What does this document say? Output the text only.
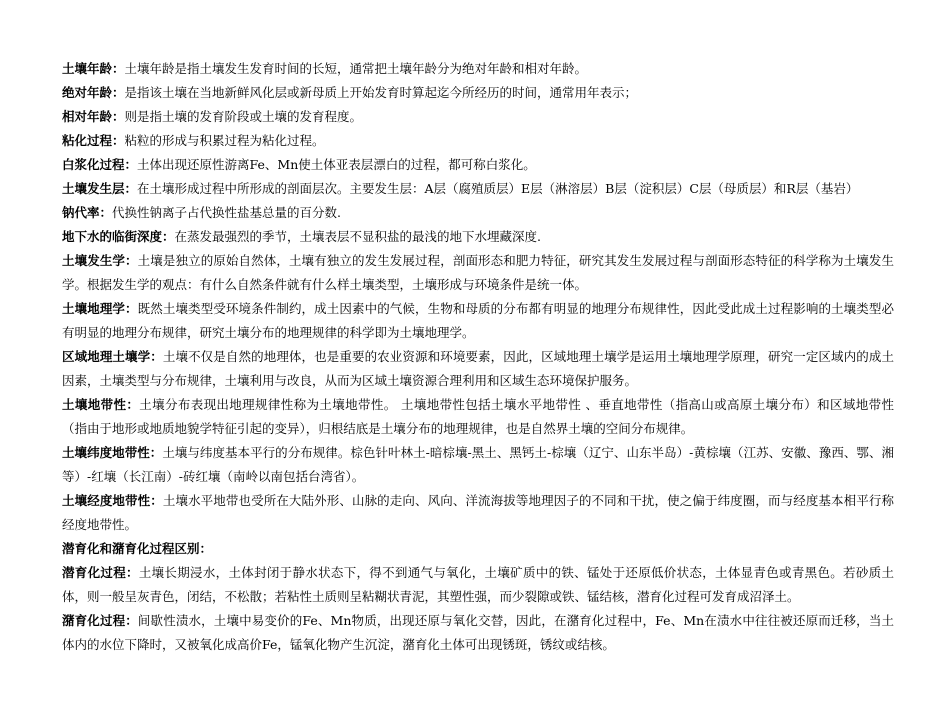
土壤年龄：土壤年龄是指土壤发生发育时间的长短，通常把土壤年龄分为绝对年龄和相对年龄。

绝对年龄：是指该土壤在当地新鲜风化层或新母质上开始发育时算起迄今所经历的时间，通常用年表示；

相对年龄：则是指土壤的发育阶段或土壤的发育程度。

粘化过程：粘粒的形成与积累过程为粘化过程。

白浆化过程：土体出现还原性游离Fe、Mn使土体亚表层漂白的过程，都可称白浆化。

土壤发生层：在土壤形成过程中所形成的剖面层次。主要发生层：A层（腐殖质层）E层（淋溶层）B层（淀积层）C层（母质层）和R层（基岩）

钠代率：代换性钠离子占代换性盐基总量的百分数.

地下水的临街深度：在蒸发最强烈的季节，土壤表层不显积盐的最浅的地下水埋藏深度.

土壤发生学：土壤是独立的原始自然体，土壤有独立的发生发展过程，剖面形态和肥力特征，研究其发生发展过程与剖面形态特征的科学称为土壤发生学。根据发生学的观点：有什么自然条件就有什么样土壤类型，土壤形成与环境条件是统一体。

土壤地理学：既然土壤类型受环境条件制约，成土因素中的气候，生物和母质的分布都有明显的地理分布规律性，因此受此成土过程影响的土壤类型必有明显的地理分布规律，研究土壤分布的地理规律的科学即为土壤地理学。

区域地理土壤学：土壤不仅是自然的地理体，也是重要的农业资源和环境要素，因此，区域地理土壤学是运用土壤地理学原理，研究一定区域内的成土因素，土壤类型与分布规律，土壤利用与改良，从而为区域土壤资源合理利用和区域生态环境保护服务。

土壤地带性：土壤分布表现出地理规律性称为土壤地带性。 土壤地带性包括土壤水平地带性 、垂直地带性（指高山或高原土壤分布）和区域地带性（指由于地形或地质地貌学特征引起的变异），归根结底是土壤分布的地理规律，也是自然界土壤的空间分布规律。

土壤纬度地带性：土壤与纬度基本平行的分布规律。棕色针叶林土-暗棕壤-黑土、黑钙土-棕壤（辽宁、山东半岛）-黄棕壤（江苏、安徽、豫西、鄂、湘等）-红壤（长江南）-砖红壤（南岭以南包括台湾省）。

土壤经度地带性：土壤水平地带也受所在大陆外形、山脉的走向、风向、洋流海拔等地理因子的不同和干扰，使之偏于纬度圈，而与经度基本相平行称经度地带性。

潜育化和潴育化过程区别：

潜育化过程：土壤长期浸水，土体封闭于静水状态下，得不到通气与氧化，土壤矿质中的铁、锰处于还原低价状态，土体显青色或青黑色。若砂质土体，则一般呈灰青色，闭结，不松散；若粘性土质则呈粘糊状青泥，其塑性强，而少裂隙或铁、锰结核，潜育化过程可发育成沼泽土。

潴育化过程：间歇性渍水，土壤中易变价的Fe、Mn物质，出现还原与氧化交替，因此，在潴育化过程中，Fe、Mn在渍水中往往被还原而迁移，当土体内的水位下降时，又被氧化成高价Fe，锰氧化物产生沉淀，潴育化土体可出现锈斑，锈纹或结核。
